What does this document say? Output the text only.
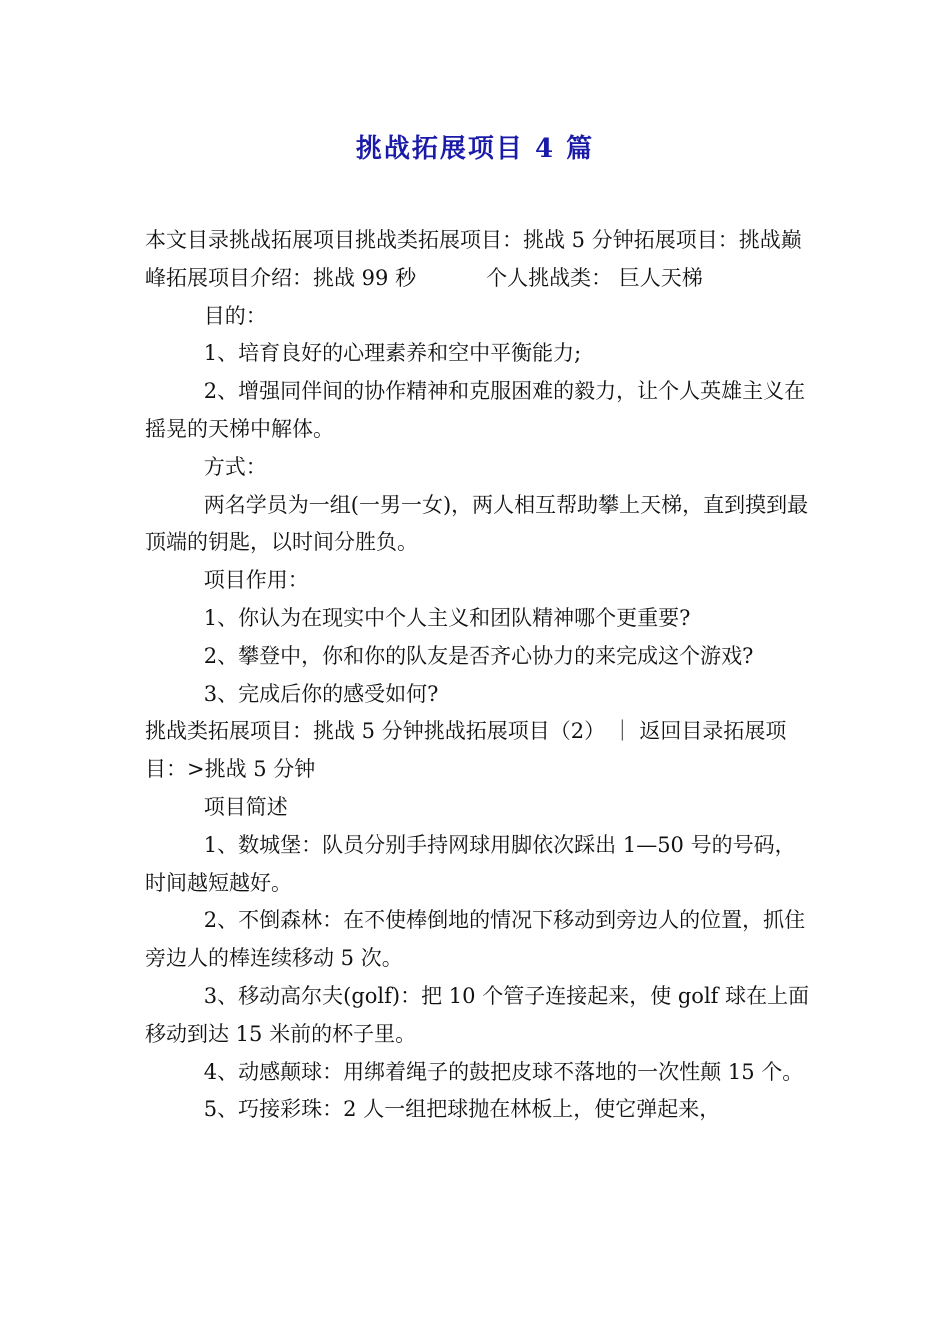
挑战拓展项目 4 篇

本文目录挑战拓展项目挑战类拓展项目：挑战 5 分钟拓展项目：挑战巅峰拓展项目介绍：挑战 99 秒	个人挑战类： 巨人天梯

目的：

1、培育良好的心理素养和空中平衡能力;

2、增强同伴间的协作精神和克服困难的毅力，让个人英雄主义在摇晃的天梯中解体。

方式：

两名学员为一组(一男一女)，两人相互帮助攀上天梯，直到摸到最顶端的钥匙，以时间分胜负。

项目作用：

1、你认为在现实中个人主义和团队精神哪个更重要?

2、攀登中，你和你的队友是否齐心协力的来完成这个游戏?

3、完成后你的感受如何?

挑战类拓展项目：挑战 5 分钟挑战拓展项目（2） ｜ 返回目录拓展项目：>挑战 5 分钟

项目简述

1、数城堡：队员分别手持网球用脚依次踩出 1—50 号的号码，时间越短越好。

2、不倒森林：在不使棒倒地的情况下移动到旁边人的位置，抓住旁边人的棒连续移动 5 次。

3、移动高尔夫(golf)：把 10 个管子连接起来，使 golf 球在上面移动到达 15 米前的杯子里。

4、动感颠球：用绑着绳子的鼓把皮球不落地的一次性颠 15 个。

5、巧接彩珠：2 人一组把球抛在林板上，使它弹起来，
